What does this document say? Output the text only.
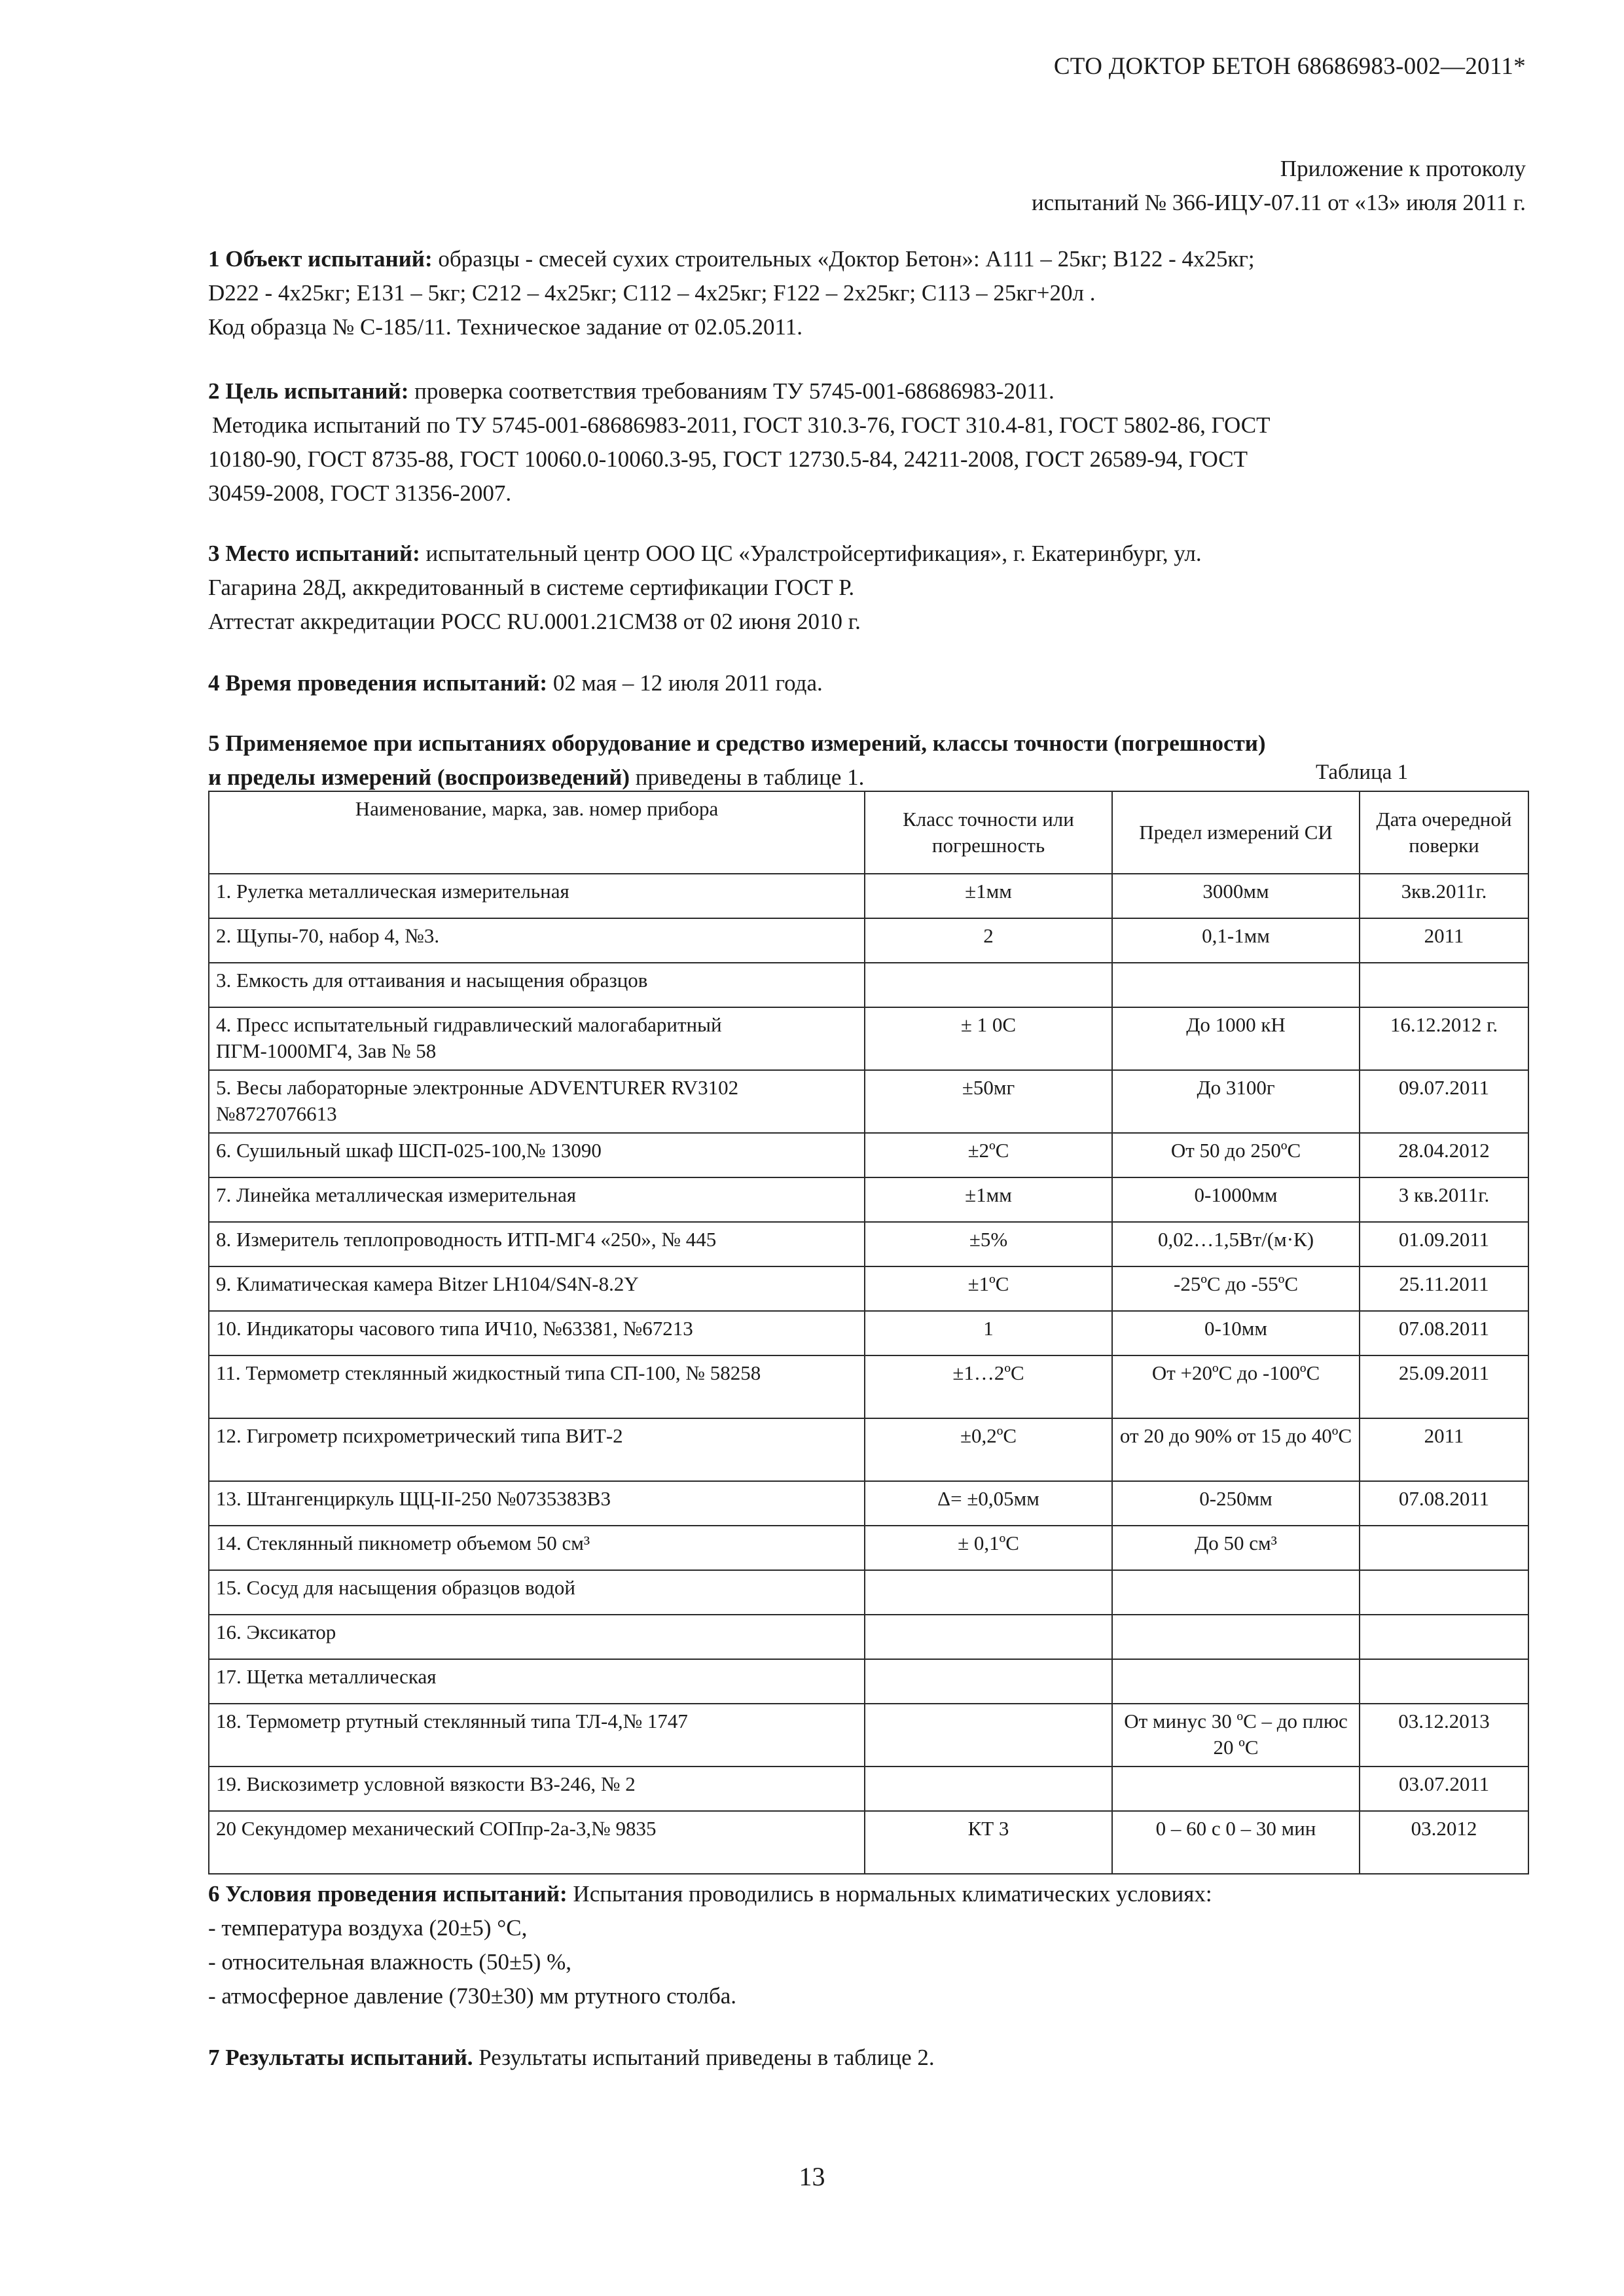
СТО ДОКТОР БЕТОН 68686983-002—2011*
Приложение к протоколу
испытаний № 366-ИЦУ-07.11 от «13» июля 2011 г.
1 Объект испытаний: образцы - смесей сухих строительных «Доктор Бетон»: A111 – 25кг; B122 - 4x25кг;
D222 - 4x25кг; E131 – 5кг; C212 – 4x25кг; C112 – 4x25кг; F122 – 2x25кг; C113 – 25кг+20л .
Код образца № С-185/11. Техническое задание от 02.05.2011.
2 Цель испытаний: проверка соответствия требованиям ТУ 5745-001-68686983-2011.
Методика испытаний по ТУ 5745-001-68686983-2011, ГОСТ 310.3-76, ГОСТ 310.4-81, ГОСТ 5802-86, ГОСТ
10180-90, ГОСТ 8735-88, ГОСТ 10060.0-10060.3-95, ГОСТ 12730.5-84, 24211-2008, ГОСТ 26589-94, ГОСТ
30459-2008, ГОСТ 31356-2007.
3 Место испытаний: испытательный центр ООО ЦС «Уралстройсертификация», г. Екатеринбург, ул.
Гагарина 28Д, аккредитованный в системе сертификации ГОСТ Р.
Аттестат аккредитации РОСС RU.0001.21СМ38 от 02 июня 2010 г.
4 Время проведения испытаний: 02 мая – 12 июля 2011 года.
5 Применяемое при испытаниях оборудование и средство измерений, классы точности (погрешности)
и пределы измерений (воспроизведений) приведены в таблице 1.	Таблица 1
Наименование, марка, зав. номер прибора	Класс точности или погрешность	Предел измерений СИ	Дата очередной поверки
1. Рулетка металлическая измерительная	±1мм	3000мм	3кв.2011г.
2. Щупы-70, набор 4, №3.	2	0,1-1мм	2011
3. Емкость для оттаивания и насыщения образцов			
4. Пресс испытательный гидравлический малогабаритный ПГМ-1000МГ4, Зав № 58	± 1 0С	До 1000 кН	16.12.2012 г.
5. Весы лабораторные электронные ADVENTURER RV3102 №8727076613	±50мг	До 3100г	09.07.2011
6. Сушильный шкаф ШСП-025-100,№ 13090	±2ºС	От 50 до 250ºС	28.04.2012
7. Линейка металлическая измерительная	±1мм	0-1000мм	3 кв.2011г.
8. Измеритель теплопроводность ИТП-МГ4 «250», № 445	±5%	0,02…1,5Вт/(м·К)	01.09.2011
9. Климатическая камера Bitzer LH104/S4N-8.2Y	±1ºС	-25ºС до -55ºС	25.11.2011
10. Индикаторы часового типа ИЧ10, №63381, №67213	1	0-10мм	07.08.2011
11. Термометр стеклянный жидкостный типа СП-100, № 58258	±1…2ºС	От +20ºС до -100ºС	25.09.2011
12. Гигрометр психрометрический типа ВИТ-2	±0,2ºС	от 20 до 90% от 15 до 40ºС	2011
13. Штангенциркуль ЩЦ-II-250 №0735383В3	Δ= ±0,05мм	0-250мм	07.08.2011
14. Стеклянный пикнометр объемом 50 см³	± 0,1ºС	До 50 см³	
15. Сосуд для насыщения образцов водой			
16. Эксикатор			
17. Щетка металлическая			
18. Термометр ртутный стеклянный типа ТЛ-4,№ 1747		От минус 30 ºС – до плюс 20 ºС	03.12.2013
19. Вискозиметр условной вязкости ВЗ-246, № 2			03.07.2011
20 Секундомер механический СОПпр-2а-3,№ 9835	КТ 3	0 – 60 с 0 – 30 мин	03.2012
6 Условия проведения испытаний: Испытания проводились в нормальных климатических условиях:
- температура воздуха (20±5) °С,
- относительная влажность (50±5) %,
- атмосферное давление (730±30) мм ртутного столба.
7 Результаты испытаний. Результаты испытаний приведены в таблице 2.
13
